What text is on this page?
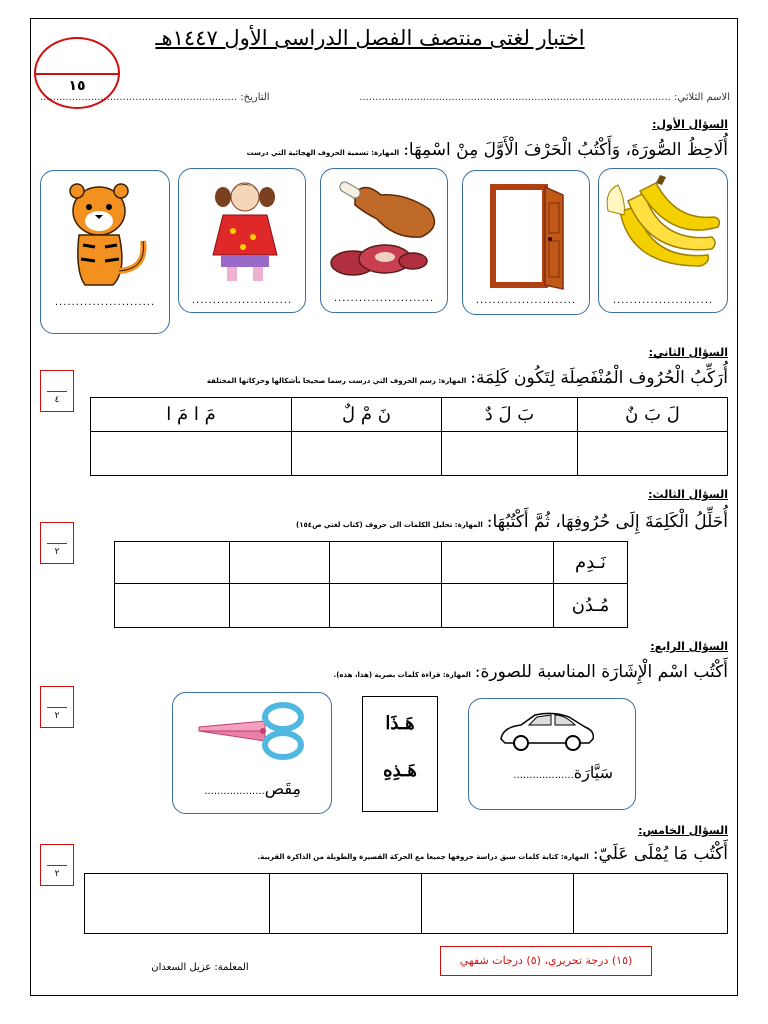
اختبار لغتى منتصف الفصل الدراسى الأول ١٤٤٧هـ
١٥
الاسم الثلاثي: ..................................................................................................
التاريخ: ..............................................................
السؤال الأول:
أُلَاحِظُ الصُّورَةَ، وَأَكْتُبُ الْحَرْفَ الْأَوَّلَ مِنْ اسْمِهَا:
المهارة: تسمية الحروف الهجائية التي درست
........................
........................
........................
........................
........................
السؤال الثاني:
أُرَكِّبُ الْحُرُوف الْمُنْفَصِلَة لِتَكُون كَلِمَة:
المهارة: رسم الحروف التي درست رسما صحيحا بأشكالها وحركاتها المختلفة
٤
لَ بَ نٌ	بَ لَ دٌ	نَ مْ لٌ	مَ ا مَ ا

السؤال الثالث:
أُحَلِّلُ الْكَلِمَةَ إِلَى حُرُوفِهَا، ثُمَّ أَكْتُبُهَا:
المهارة: تحليل الكلمات الى حروف (كتاب لغتي ص١٥٤)
٢	نَـدِم				
مُـدُن				
السؤال الرابع:
أَكْتُب اسْم الْإِشَارَة المناسبة للصورة:
المهارة: قراءة كلمات بصرية (هذا، هذه).
٢
سَيَّارَة
...................
هَـذَا
هَـذِهِ
مِقَص
...................
السؤال الخامس:
أَكْتُب مَا يُمْلَى عَلَيّ:
المهارة: كتابة كلمات سبق دراسة حروفها جميعا مع الحركة القصيرة والطويلة من الذاكرة القريبة.
٢

(١٥) درجة تحريري، (٥) درجات شفهي
المعلمة: عزيل السعدان
